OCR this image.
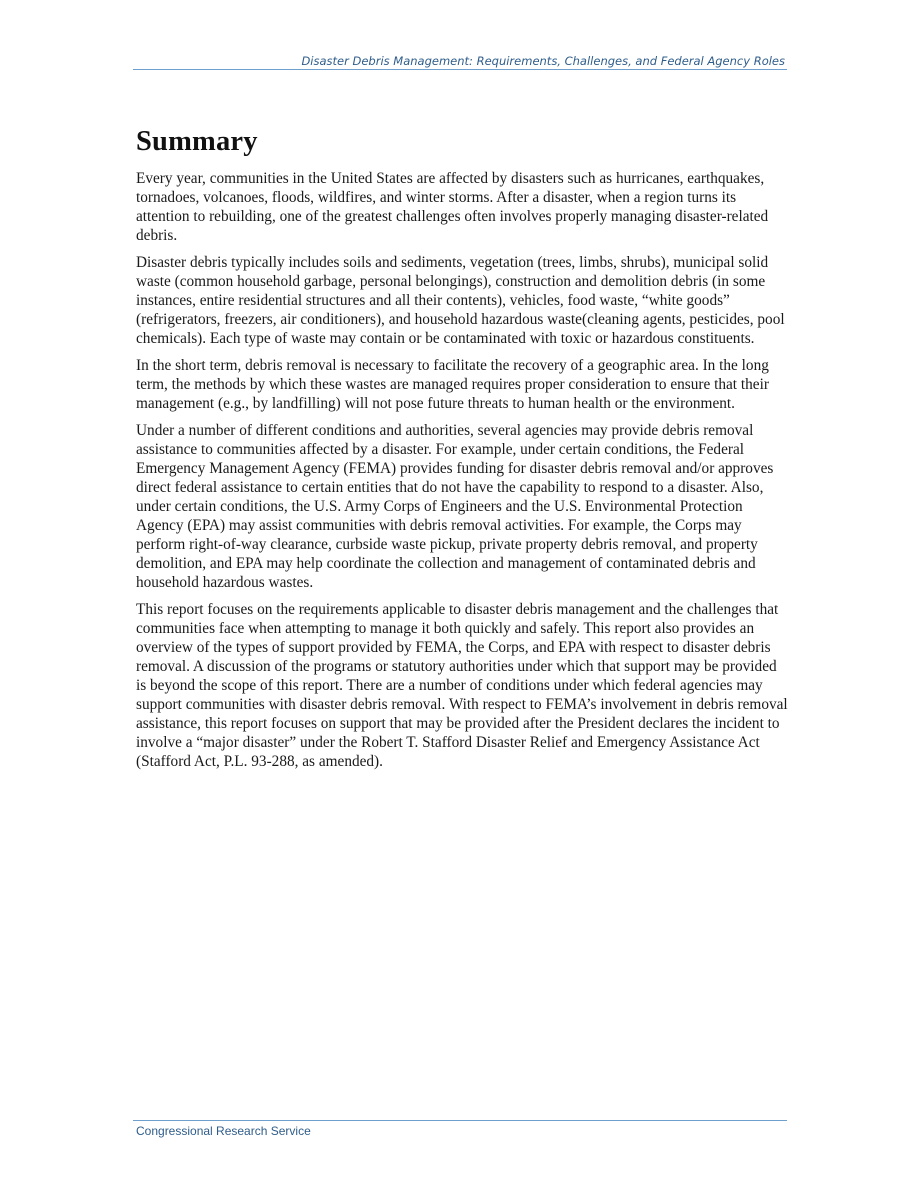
Disaster Debris Management: Requirements, Challenges, and Federal Agency Roles
Summary

Every year, communities in the United States are affected by disasters such as hurricanes, earthquakes, tornadoes, volcanoes, floods, wildfires, and winter storms. After a disaster, when a region turns its attention to rebuilding, one of the greatest challenges often involves properly managing disaster-related debris.

Disaster debris typically includes soils and sediments, vegetation (trees, limbs, shrubs), municipal solid waste (common household garbage, personal belongings), construction and demolition debris (in some instances, entire residential structures and all their contents), vehicles, food waste, “white goods” (refrigerators, freezers, air conditioners), and household hazardous waste(cleaning agents, pesticides, pool chemicals). Each type of waste may contain or be contaminated with toxic or hazardous constituents.

In the short term, debris removal is necessary to facilitate the recovery of a geographic area. In the long term, the methods by which these wastes are managed requires proper consideration to ensure that their management (e.g., by landfilling) will not pose future threats to human health or the environment.

Under a number of different conditions and authorities, several agencies may provide debris removal assistance to communities affected by a disaster. For example, under certain conditions, the Federal Emergency Management Agency (FEMA) provides funding for disaster debris removal and/or approves direct federal assistance to certain entities that do not have the capability to respond to a disaster. Also, under certain conditions, the U.S. Army Corps of Engineers and the U.S. Environmental Protection Agency (EPA) may assist communities with debris removal activities. For example, the Corps may perform right-of-way clearance, curbside waste pickup, private property debris removal, and property demolition, and EPA may help coordinate the collection and management of contaminated debris and household hazardous wastes.

This report focuses on the requirements applicable to disaster debris management and the challenges that communities face when attempting to manage it both quickly and safely. This report also provides an overview of the types of support provided by FEMA, the Corps, and EPA with respect to disaster debris removal. A discussion of the programs or statutory authorities under which that support may be provided is beyond the scope of this report. There are a number of conditions under which federal agencies may support communities with disaster debris removal. With respect to FEMA’s involvement in debris removal assistance, this report focuses on support that may be provided after the President declares the incident to involve a “major disaster” under the Robert T. Stafford Disaster Relief and Emergency Assistance Act (Stafford Act, P.L. 93-288, as amended).

Congressional Research Service
